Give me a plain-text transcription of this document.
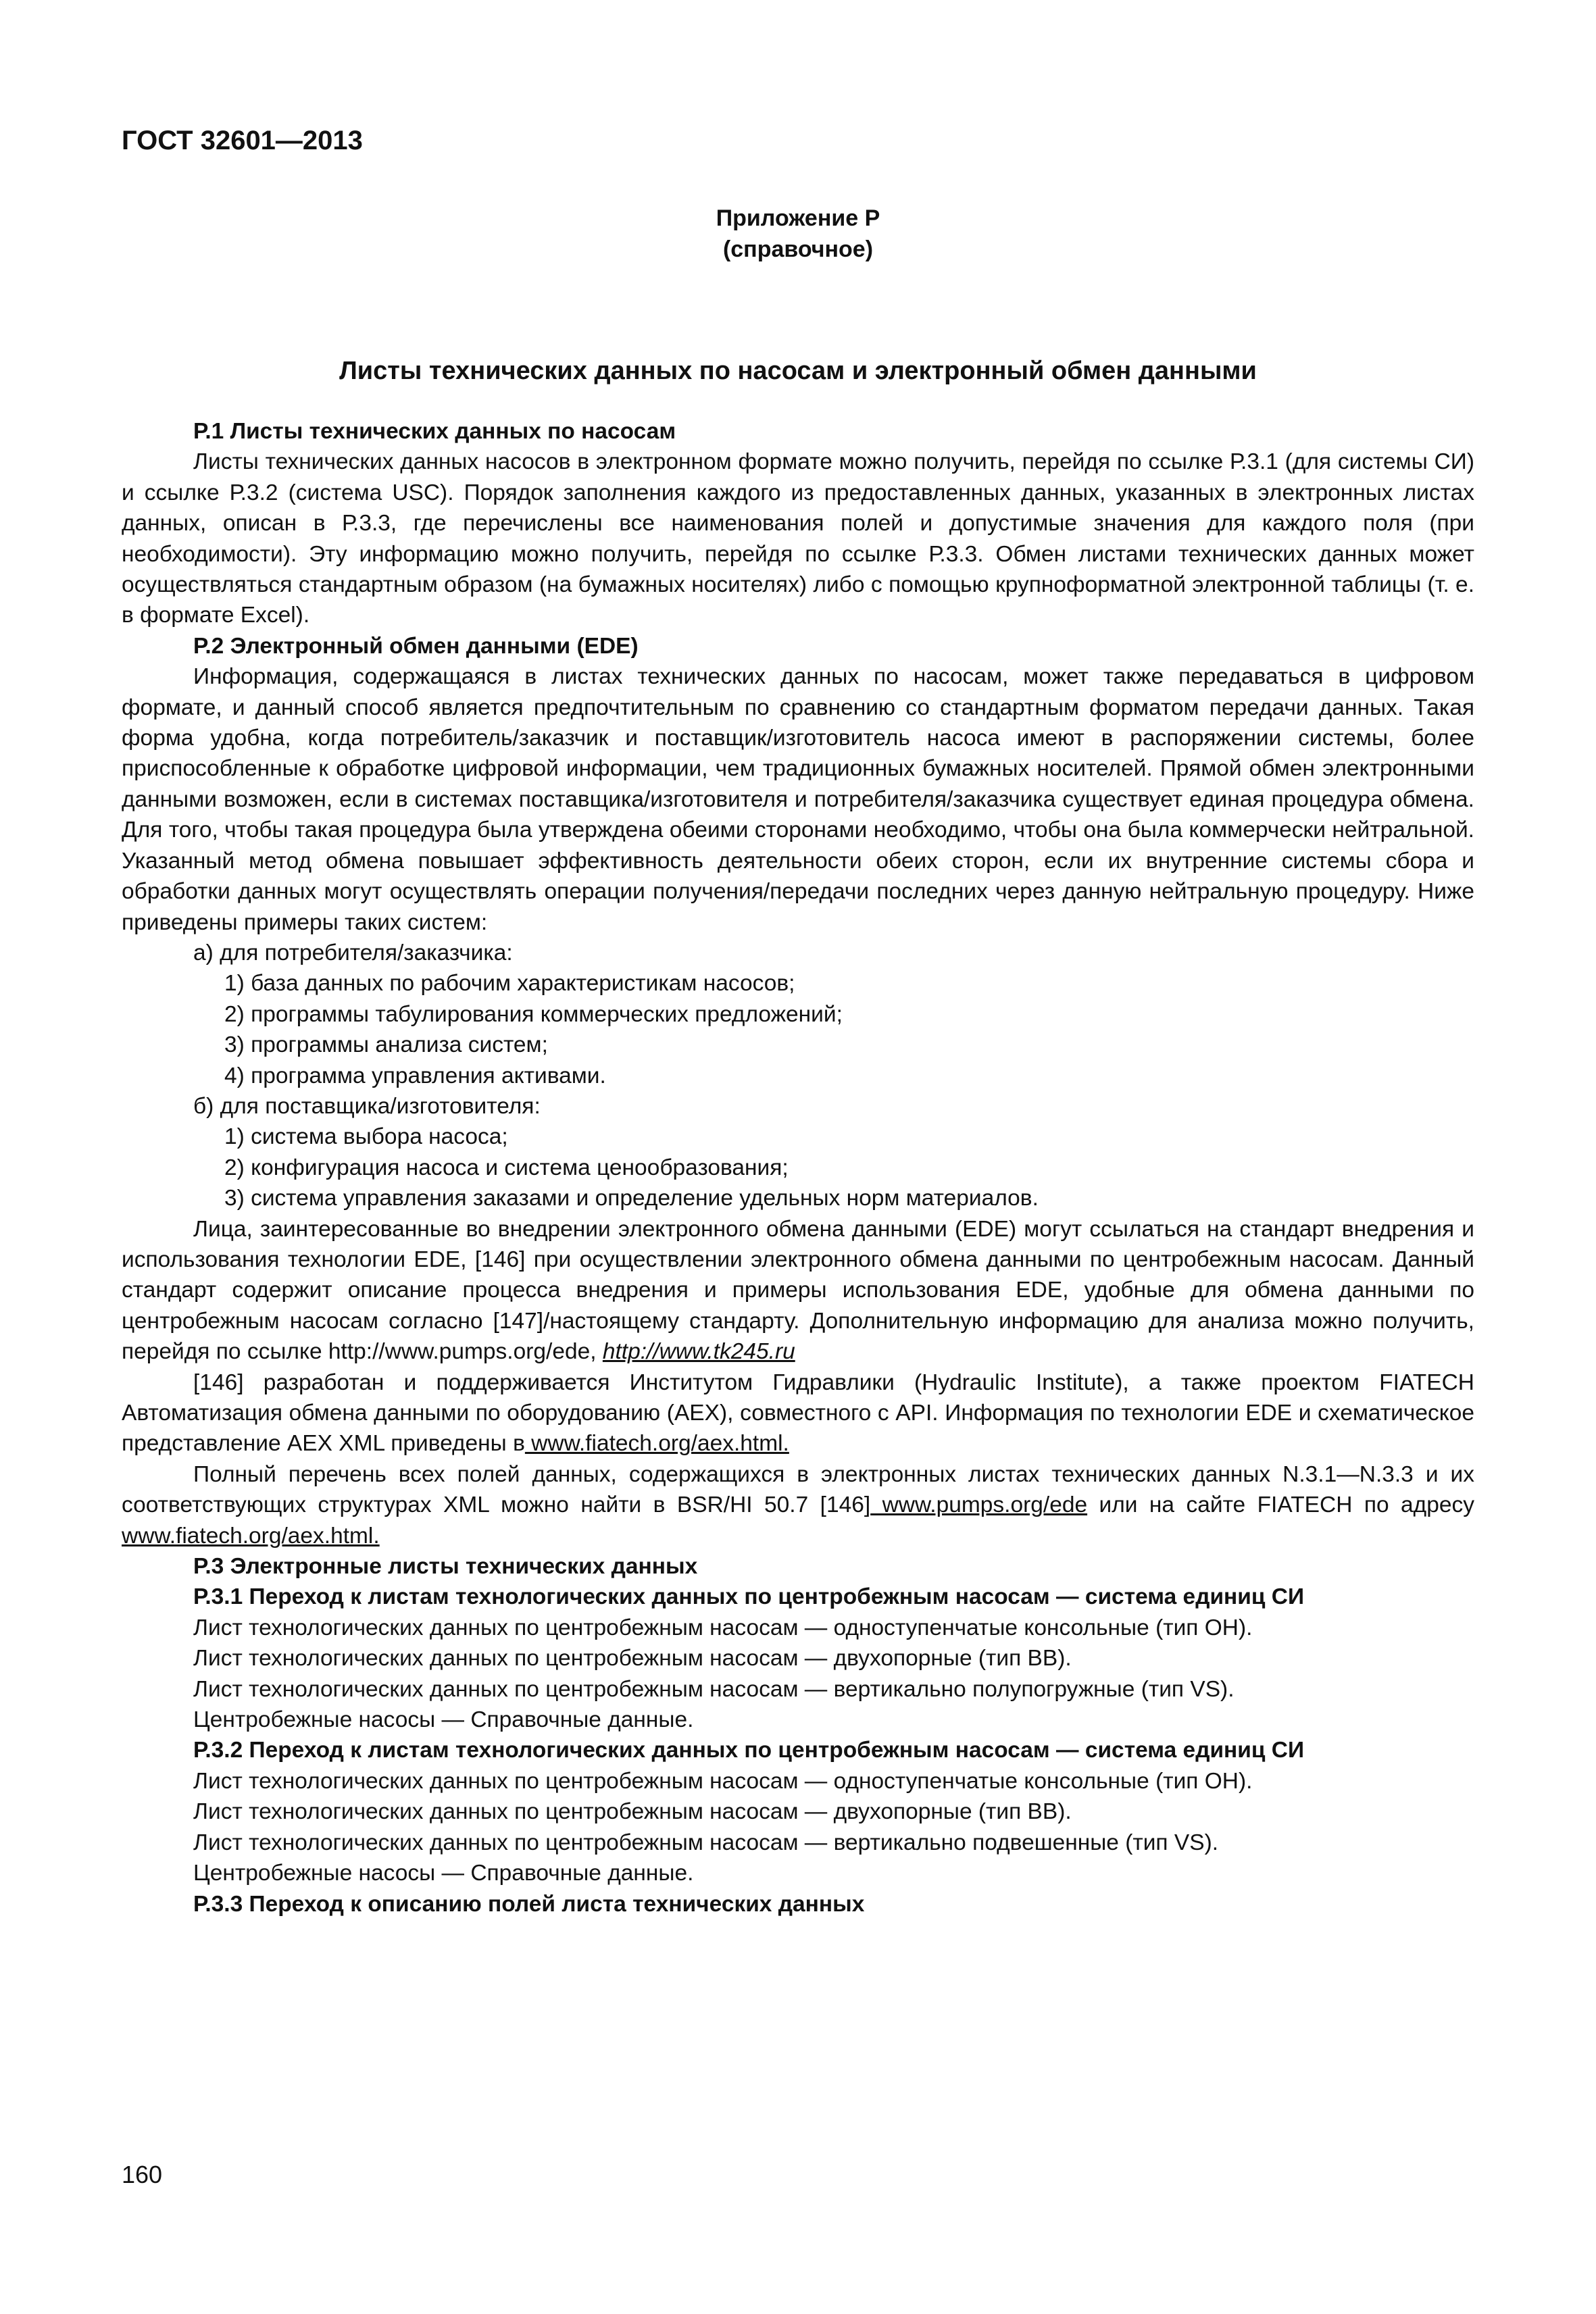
ГОСТ 32601—2013
Приложение Р
(справочное)
Листы технических данных по насосам и электронный обмен данными

Р.1 Листы технических данных по насосам

Листы технических данных насосов в электронном формате можно получить, перейдя по ссылке Р.3.1 (для системы СИ) и ссылке Р.3.2 (система USC). Порядок заполнения каждого из предоставленных данных, указанных в электронных листах данных, описан в Р.3.3, где перечислены все наименования полей и допустимые значения для каждого поля (при необходимости). Эту информацию можно получить, перейдя по ссылке Р.3.3. Обмен листами технических данных может осуществляться стандартным образом (на бумажных носителях) либо с помощью крупноформатной электронной таблицы (т. е. в формате Excel).

Р.2 Электронный обмен данными (EDE)

Информация, содержащаяся в листах технических данных по насосам, может также передаваться в цифровом формате, и данный способ является предпочтительным по сравнению со стандартным форматом передачи данных. Такая форма удобна, когда потребитель/заказчик и поставщик/изготовитель насоса имеют в распоряжении системы, более приспособленные к обработке цифровой информации, чем традиционных бумажных носителей. Прямой обмен электронными данными возможен, если в системах поставщика/изготовителя и потребителя/заказчика существует единая процедура обмена. Для того, чтобы такая процедура была утверждена обеими сторонами необходимо, чтобы она была коммерчески нейтральной. Указанный метод обмена повышает эффективность деятельности обеих сторон, если их внутренние системы сбора и обработки данных могут осуществлять операции получения/передачи последних через данную нейтральную процедуру. Ниже приведены примеры таких систем:

а) для потребителя/заказчика:
1) база данных по рабочим характеристикам насосов;
2) программы табулирования коммерческих предложений;
3) программы анализа систем;
4) программа управления активами.
б) для поставщика/изготовителя:
1) система выбора насоса;
2) конфигурация насоса и система ценообразования;
3) система управления заказами и определение удельных норм материалов.

Лица, заинтересованные во внедрении электронного обмена данными (EDE) могут ссылаться на стандарт внедрения и использования технологии EDE, [146] при осуществлении электронного обмена данными по центробежным насосам. Данный стандарт содержит описание процесса внедрения и примеры использования EDE, удобные для обмена данными по центробежным насосам согласно [147]/настоящему стандарту. Дополнительную информацию для анализа можно получить, перейдя по ссылке http://www.pumps.org/ede, http://www.tk245.ru

[146] разработан и поддерживается Институтом Гидравлики (Hydraulic Institute), а также проектом FIATECH Автоматизация обмена данными по оборудованию (AEX), совместного с API. Информация по технологии EDE и схематическое представление AEX XML приведены в www.fiatech.org/aex.html.

Полный перечень всех полей данных, содержащихся в электронных листах технических данных N.3.1—N.3.3 и их соответствующих структурах XML можно найти в BSR/HI 50.7 [146] www.pumps.org/ede или на сайте FIATECH по адресу www.fiatech.org/aex.html.

Р.3 Электронные листы технических данных

Р.3.1 Переход к листам технологических данных по центробежным насосам — система единиц СИ

Лист технологических данных по центробежным насосам — одноступенчатые консольные (тип ОН).

Лист технологических данных по центробежным насосам — двухопорные (тип ВВ).

Лист технологических данных по центробежным насосам — вертикально полупогружные (тип VS).

Центробежные насосы — Справочные данные.

Р.3.2 Переход к листам технологических данных по центробежным насосам — система единиц СИ

Лист технологических данных по центробежным насосам — одноступенчатые консольные (тип ОН).

Лист технологических данных по центробежным насосам — двухопорные (тип ВВ).

Лист технологических данных по центробежным насосам — вертикально подвешенные (тип VS).

Центробежные насосы — Справочные данные.

Р.3.3 Переход к описанию полей листа технических данных

160
